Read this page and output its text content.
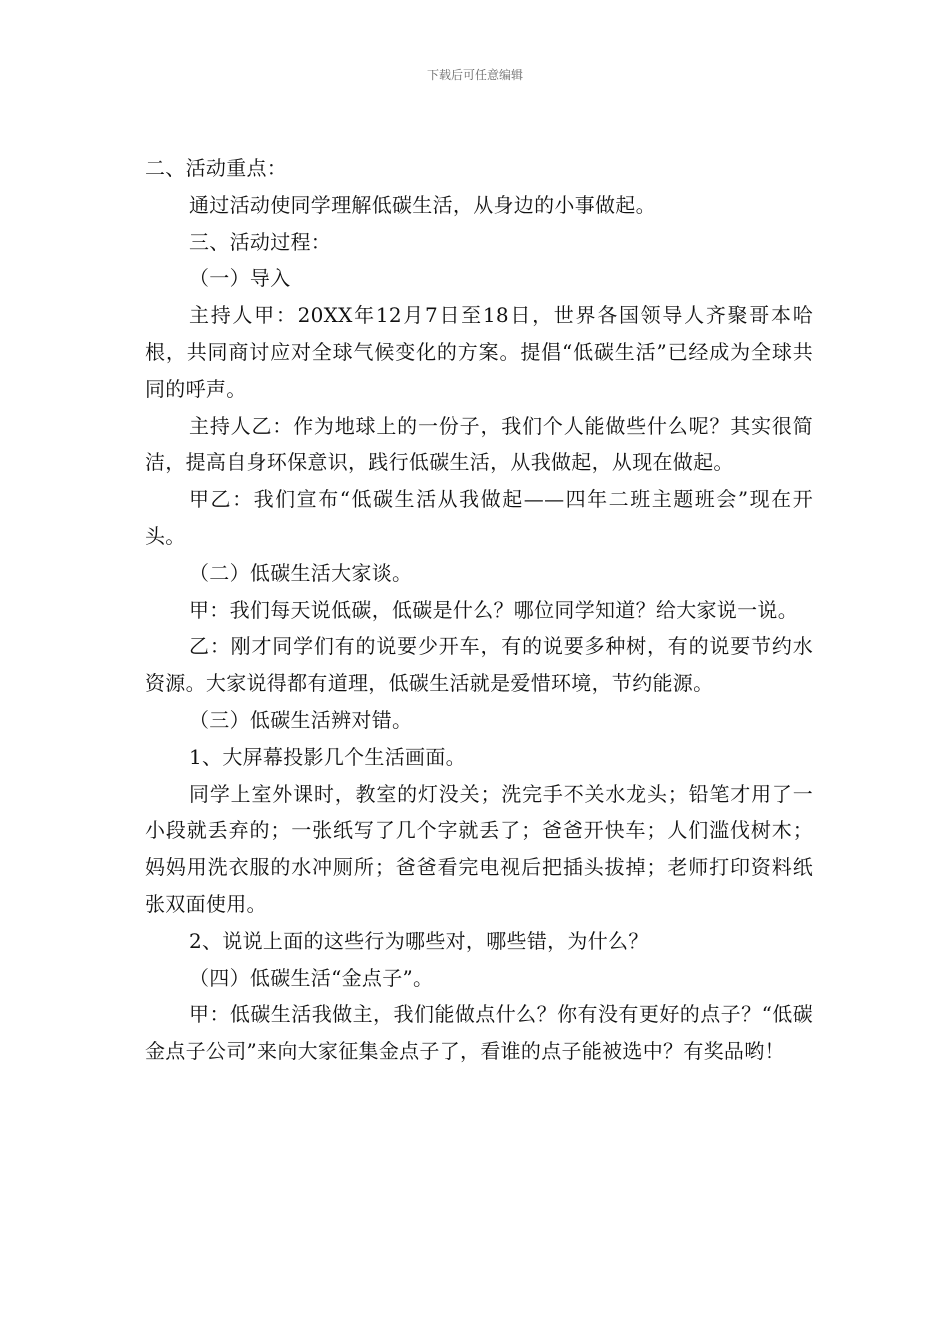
下载后可任意编辑

二、活动重点：

通过活动使同学理解低碳生活，从身边的小事做起。

三、活动过程：

（一）导入

主持人甲：20XX年12月7日至18日，世界各国领导人齐聚哥本哈根，共同商讨应对全球气候变化的方案。提倡“低碳生活”已经成为全球共同的呼声。

主持人乙：作为地球上的一份子，我们个人能做些什么呢？其实很简洁，提高自身环保意识，践行低碳生活，从我做起，从现在做起。

甲乙：我们宣布“低碳生活从我做起——四年二班主题班会”现在开头。

（二）低碳生活大家谈。

甲：我们每天说低碳，低碳是什么？哪位同学知道？给大家说一说。

乙：刚才同学们有的说要少开车，有的说要多种树，有的说要节约水资源。大家说得都有道理，低碳生活就是爱惜环境，节约能源。

（三）低碳生活辨对错。

1、大屏幕投影几个生活画面。

同学上室外课时，教室的灯没关；洗完手不关水龙头；铅笔才用了一小段就丢弃的；一张纸写了几个字就丢了；爸爸开快车；人们滥伐树木；妈妈用洗衣服的水冲厕所；爸爸看完电视后把插头拔掉；老师打印资料纸张双面使用。

2、说说上面的这些行为哪些对，哪些错，为什么？

（四）低碳生活“金点子”。

甲：低碳生活我做主，我们能做点什么？你有没有更好的点子？“低碳金点子公司”来向大家征集金点子了，看谁的点子能被选中？有奖品哟！
